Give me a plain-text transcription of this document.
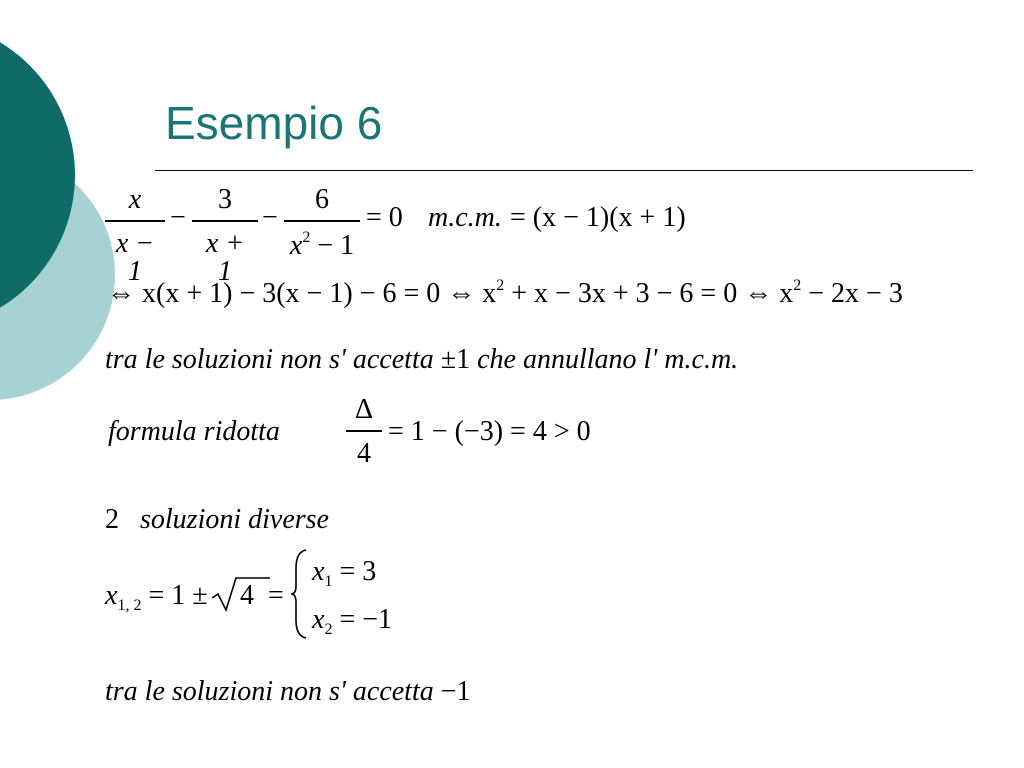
Esempio 6
x
x − 1
−
3
x + 1
−
6
$x^2 - 1$
= 0 m.c.m. = (x − 1)(x + 1)
⇔ x(x + 1) − 3(x − 1) − 6 = 0 ⇔ $x^2 + x - 3x + 3 - 6 = 0$ ⇔ $x^2 - 2x - 3$
tra le soluzioni non s' accetta ±1 che annullano l' m.c.m.
formula ridotta
Δ
4
= 1 − (−3) = 4 > 0
2 soluzioni diverse
$x_{1, 2} = 1 \pm 4$ =
$x_1 = 3$
$x_2 = -1$
tra le soluzioni non s' accetta −1
